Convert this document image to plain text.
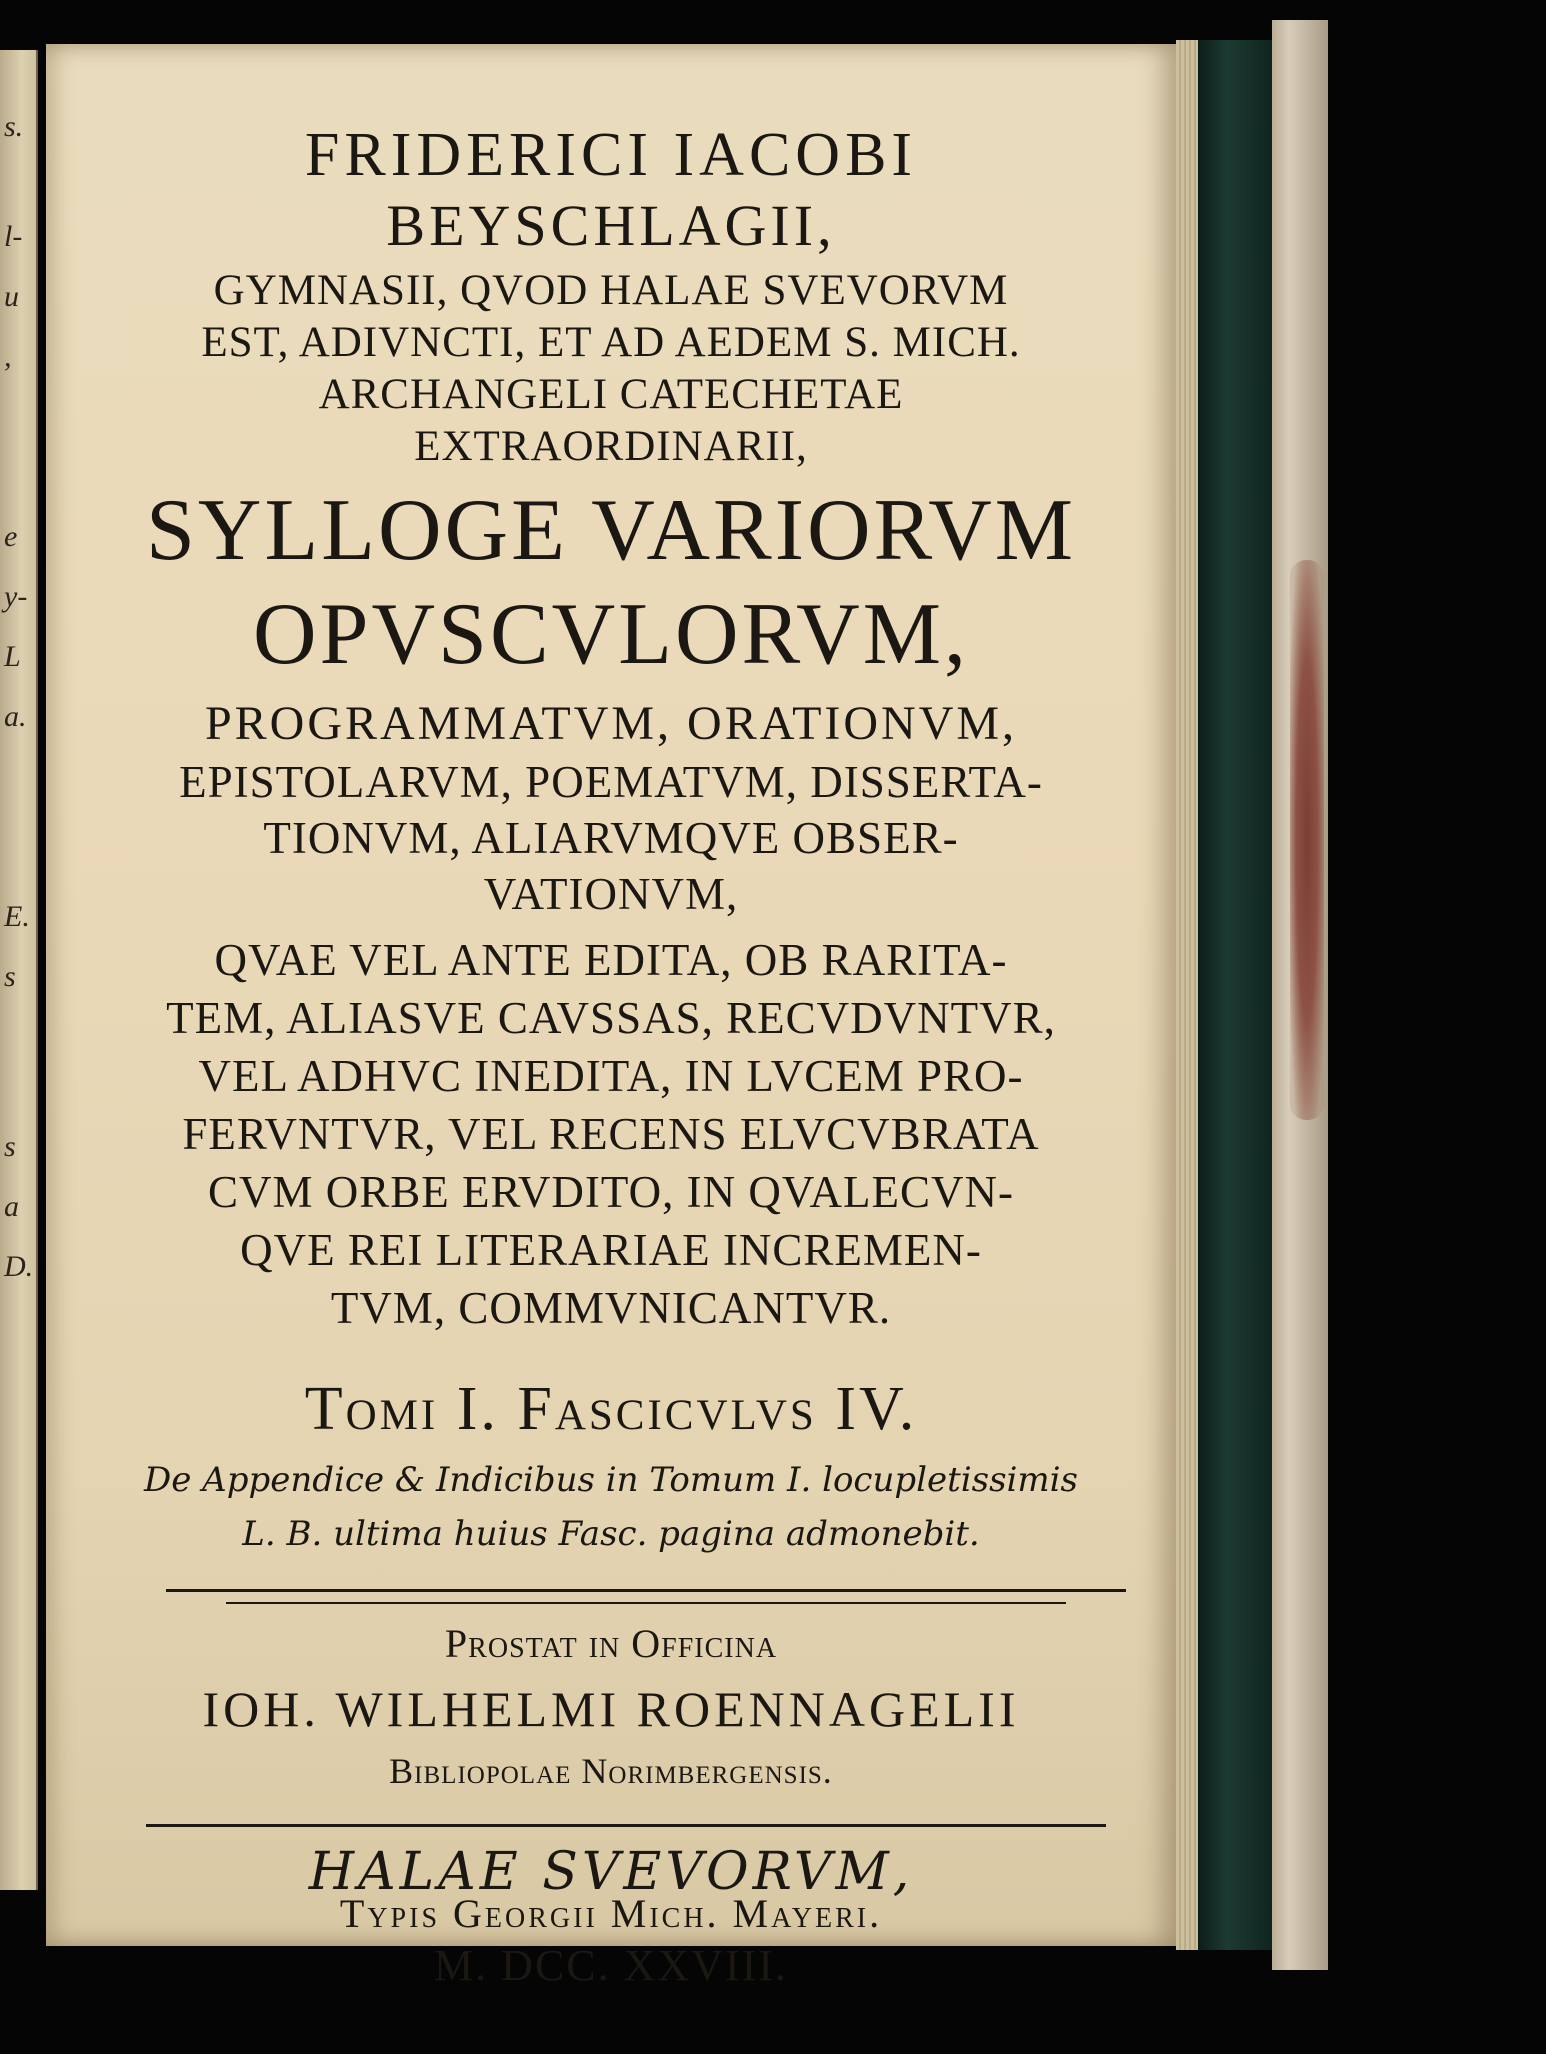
s.
l-
u
,
e
y-
L
a.
E.
s
s
a
D.
FRIDERICI IACOBI
BEYSCHLAGII,
GYMNASII, QVOD HALAE SVEVORVM
EST, ADIVNCTI, ET AD AEDEM S. MICH.
ARCHANGELI CATECHETAE
EXTRAORDINARII,
SYLLOGE VARIORVM
OPVSCVLORVM,
PROGRAMMATVM, ORATIONVM,
EPISTOLARVM, POEMATVM, DISSERTA-
TIONVM, ALIARVMQVE OBSER-
VATIONVM,
QVAE VEL ANTE EDITA, OB RARITA-
TEM, ALIASVE CAVSSAS, RECVDVNTVR,
VEL ADHVC INEDITA, IN LVCEM PRO-
FERVNTVR, VEL RECENS ELVCVBRATA
CVM ORBE ERVDITO, IN QVALECVN-
QVE REI LITERARIAE INCREMEN-
TVM, COMMVNICANTVR.
Tomi I. Fascicvlvs IV.
De Appendice & Indicibus in Tomum I. locupletissimis
L. B. ultima huius Fasc. pagina admonebit.
Prostat in Officina
IOH. WILHELMI ROENNAGELII
Bibliopolae Norimbergensis.
HALAE SVEVORVM,
Typis Georgii Mich. Mayeri.
M. DCC. XXVIII.
